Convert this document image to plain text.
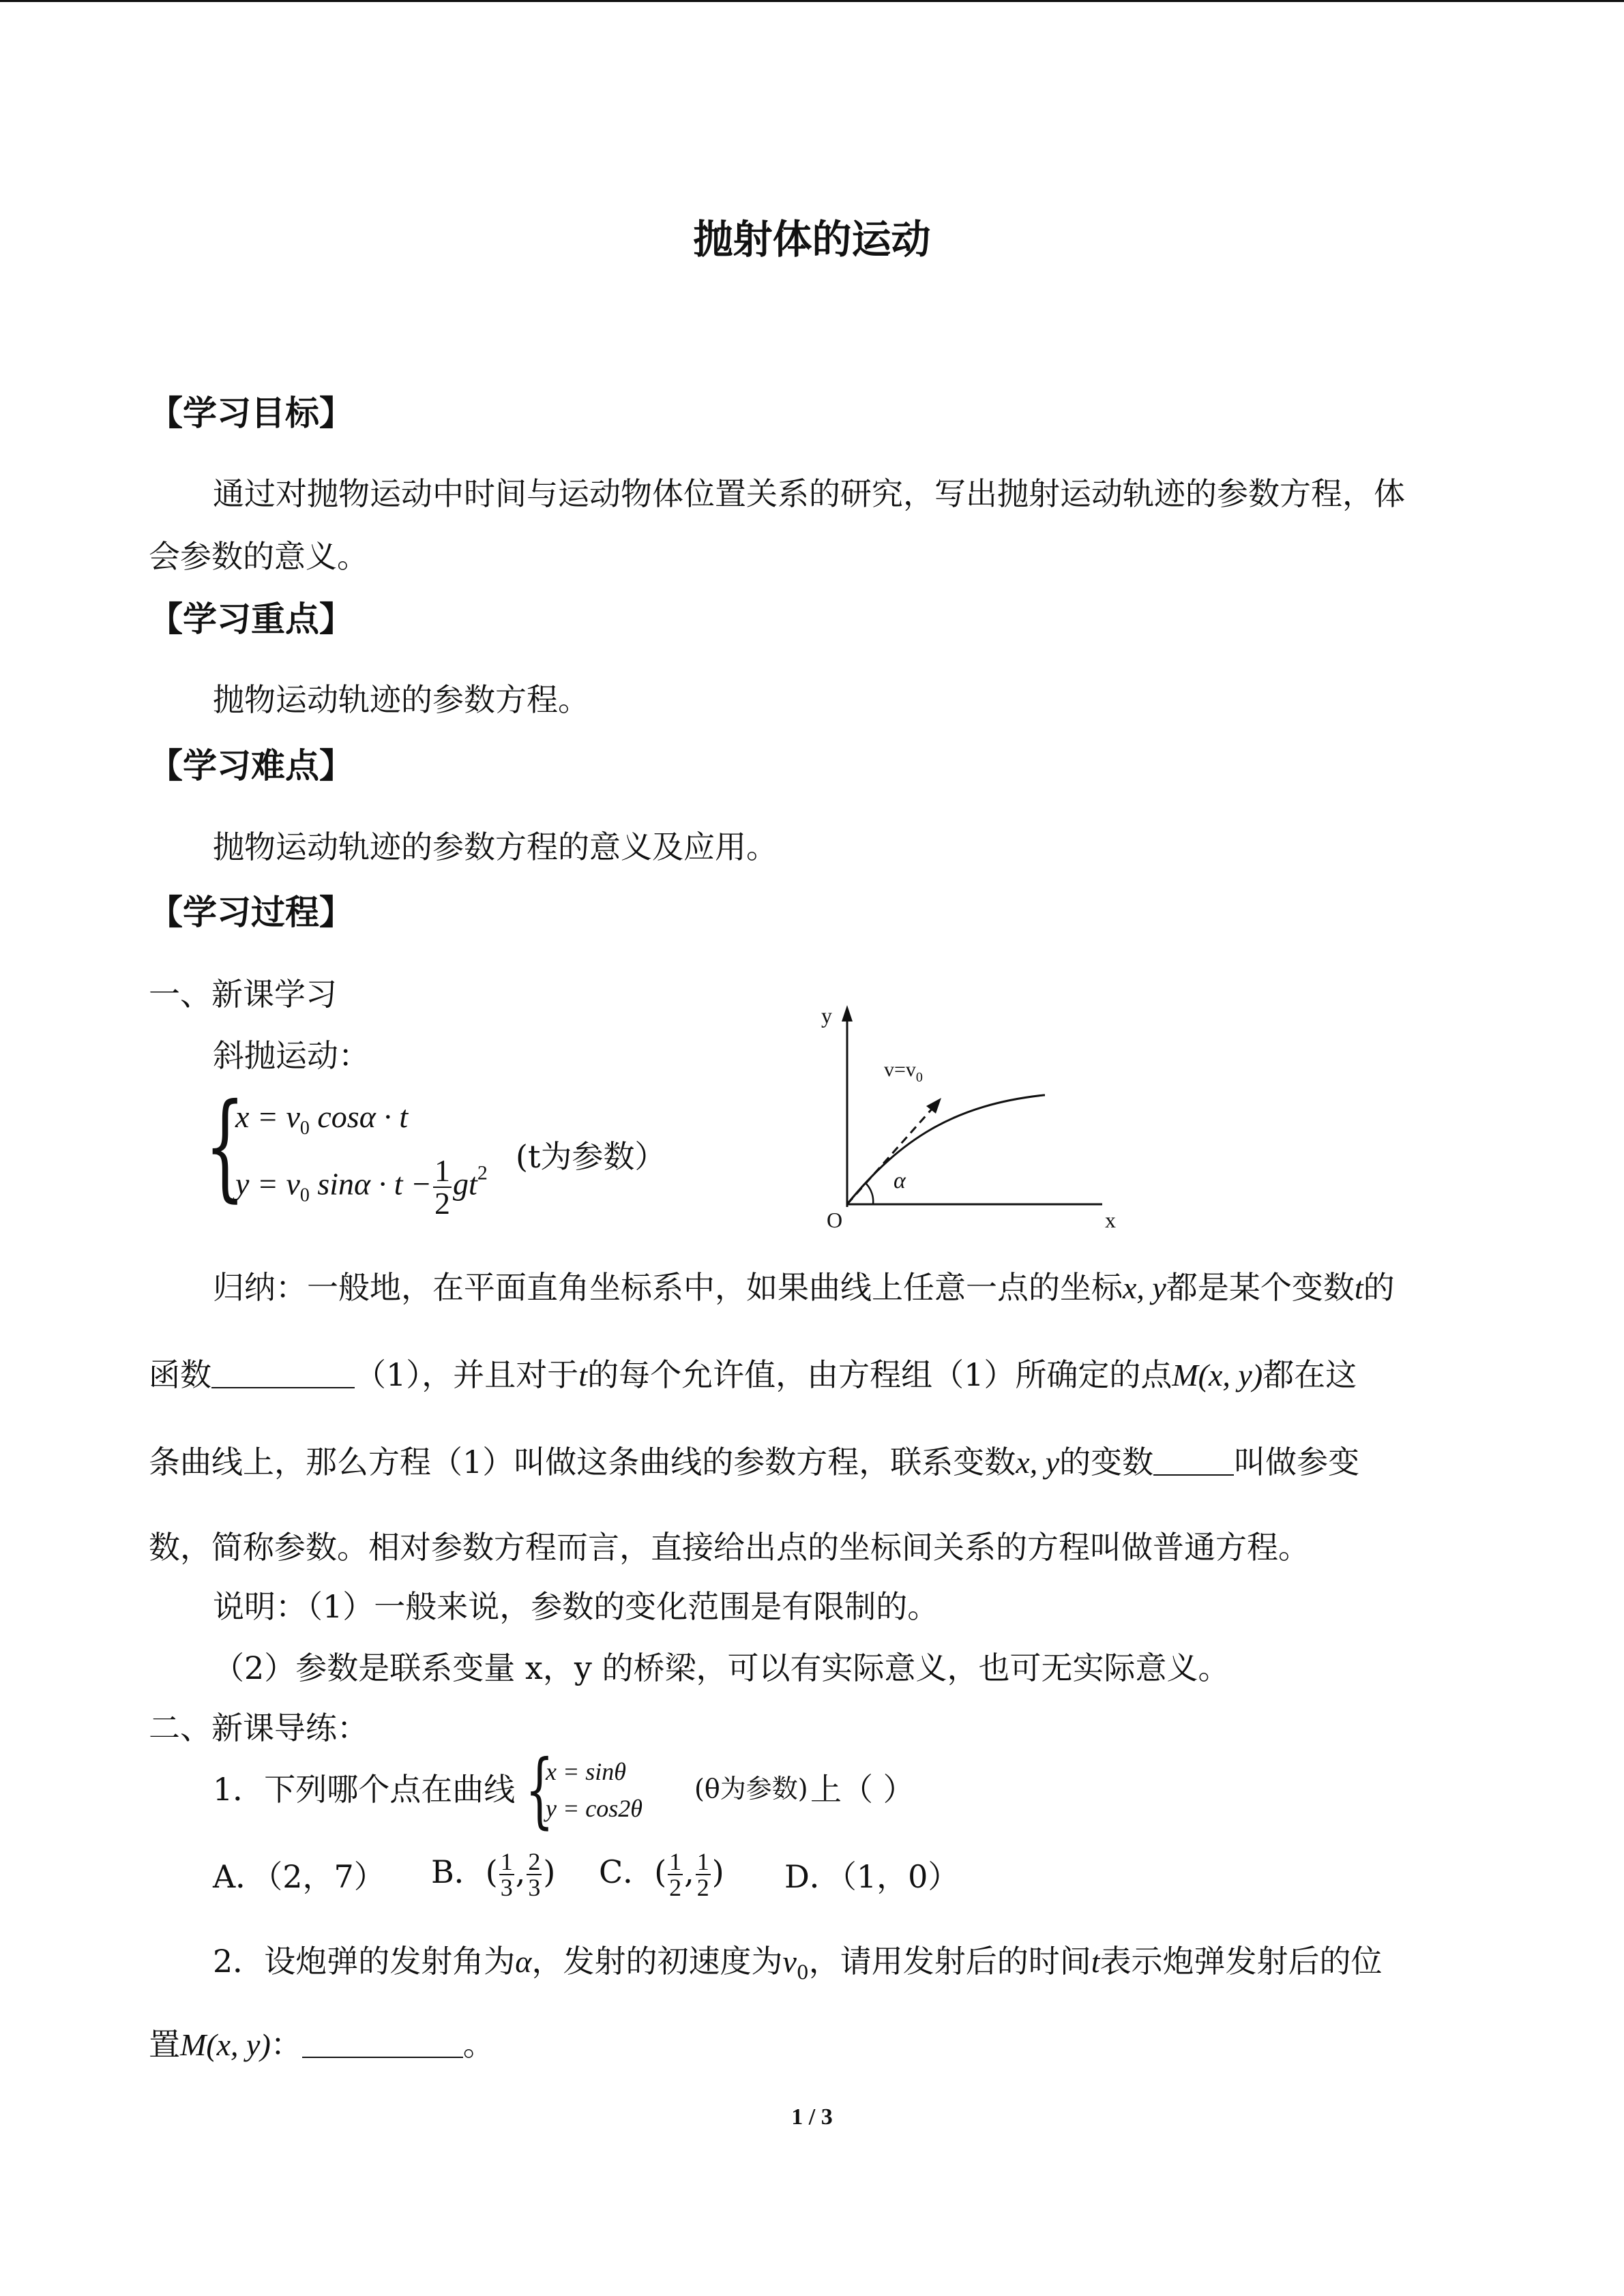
抛射体的运动
【学习目标】
通过对抛物运动中时间与运动物体位置关系的研究，写出抛射运动轨迹的参数方程，体
会参数的意义。
【学习重点】
抛物运动轨迹的参数方程。
【学习难点】
抛物运动轨迹的参数方程的意义及应用。
【学习过程】
一、新课学习
斜抛运动：
{
$x = v_0$ cosα · t
$y = v_0$ $\sin\alpha \cdot t - \frac{1}{2} gt^2$ (t为参数）
y
x
O
$v=v_0$
α
归纳：一般地，在平面直角坐标系中，如果曲线上任意一点的坐标x, y都是某个变数t的
函数	（1），并且对于t的每个允许值，由方程组（1）所确定的点M(x, y)都在这
条曲线上，那么方程（1）叫做这条曲线的参数方程，联系变数x, y的变数	叫做参变
数，简称参数。相对参数方程而言，直接给出点的坐标间关系的方程叫做普通方程。
说明：（1）一般来说，参数的变化范围是有限制的。
（2）参数是联系变量 x，y 的桥梁，可以有实际意义，也可无实际意义。
二、新课导练：
1．下列哪个点在曲线 {
x = sinθ
y = cos2θ
(θ为参数) 上（ ）
A．（2，7） B．( $\frac{1}{3}$ , $\frac{2}{3}$ ) C．( $\frac{1}{2}$ , $\frac{1}{2}$ ) D．（1，0）
2．设炮弹的发射角为α，发射的初速度为$v_0$，请用发射后的时间t表示炮弹发射后的位
置M(x, y)：	。
1 / 3
